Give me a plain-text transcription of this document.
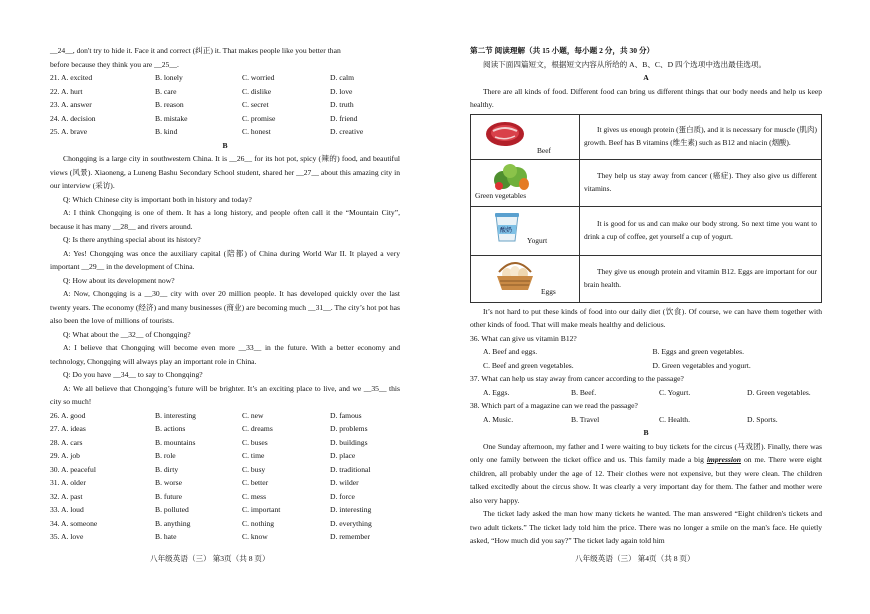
__24__, don't try to hide it. Face it and correct (纠正) it. That makes people like you better than
before because they think you are __25__.
21. A. excited	B. lonely	C. worried	D. calm
22. A. hurt	B. care	C. dislike	D. love
23. A. answer	B. reason	C. secret	D. truth
24. A. decision	B. mistake	C. promise	D. friend
25. A. brave	B. kind	C. honest	D. creative
B
Chongqing is a large city in southwestern China. It is __26__ for its hot pot, spicy (辣的) food, and beautiful views (风景). Xiaoneng, a Luneng Bashu Secondary School student, shared her __27__ about this amazing city in our interview (采访).
Q: Which Chinese city is important both in history and today?
A: I think Chongqing is one of them. It has a long history, and people often call it the “Mountain City”, because it has many __28__ and rivers around.
Q: Is there anything special about its history?
A: Yes! Chongqing was once the auxiliary capital (陪都) of China during World War II. It played a very important __29__ in the development of China.
Q: How about its development now?
A: Now, Chongqing is a __30__ city with over 20 million people. It has developed quickly over the last twenty years. The economy (经济) and many businesses (商业) are becoming much __31__. The city’s hot pot has also been the love of millions of tourists.
Q: What about the __32__ of Chongqing?
A: I believe that Chongqing will become even more __33__ in the future. With a better economy and technology, Chongqing will always play an important role in China.
Q: Do you have __34__ to say to Chongqing?
A: We all believe that Chongqing’s future will be brighter. It’s an exciting place to live, and we __35__ this city so much!
26. A. good	B. interesting	C. new	D. famous
27. A. ideas	B. actions	C. dreams	D. problems
28. A. cars	B. mountains	C. buses	D. buildings
29. A. job	B. role	C. time	D. place
30. A. peaceful	B. dirty	C. busy	D. traditional
31. A. older	B. worse	C. better	D. wilder
32. A. past	B. future	C. mess	D. force
33. A. loud	B. polluted	C. important	D. interesting
34. A. someone	B. anything	C. nothing	D. everything
35. A. love	B. hate	C. know	D. remember
八年级英语（三） 第3页（共 8 页）
第二节 阅读理解（共 15 小题，每小题 2 分，共 30 分）
阅读下面四篇短文，根据短文内容从所给的 A、B、C、D 四个选项中选出最佳选项。
A
There are all kinds of food. Different food can bring us different things that our body needs and help us keep healthy.
Beef	It gives us enough protein (蛋白质), and it is necessary for muscle (肌肉) growth. Beef has B vitamins (维生素) such as B12 and niacin (烟酸).

Green vegetables	They help us stay away from cancer (癌症). They also give us different vitamins.

酸奶
Yogurt	It is good for us and can make our body strong. So next time you want to drink a cup of coffee, get yourself a cup of yogurt.

Eggs	They give us enough protein and vitamin B12. Eggs are important for our brain health.
It’s not hard to put these kinds of food into our daily diet (饮食). Of course, we can have them together with other kinds of food. That will make meals healthy and delicious.
36. What can give us vitamin B12?
A. Beef and eggs.	B. Eggs and green vegetables.
C. Beef and green vegetables.	D. Green vegetables and yogurt.
37. What can help us stay away from cancer according to the passage?
A. Eggs.	B. Beef.	C. Yogurt.	D. Green vegetables.
38. Which part of a magazine can we read the passage?
A. Music.	B. Travel	C. Health.	D. Sports.
B
One Sunday afternoon, my father and I were waiting to buy tickets for the circus (马戏团). Finally, there was only one family between the ticket office and us. This family made a big impression on me. There were eight children, all probably under the age of 12. Their clothes were not expensive, but they were clean. The children talked excitedly about the circus show. It was clearly a very important day for them. The father and mother were also very happy.
The ticket lady asked the man how many tickets he wanted. The man answered “Eight children's tickets and two adult tickets.” The ticket lady told him the price. There was no longer a smile on the man's face. He quietly asked, “How much did you say?” The ticket lady again told him
八年级英语（三） 第4页（共 8 页）
